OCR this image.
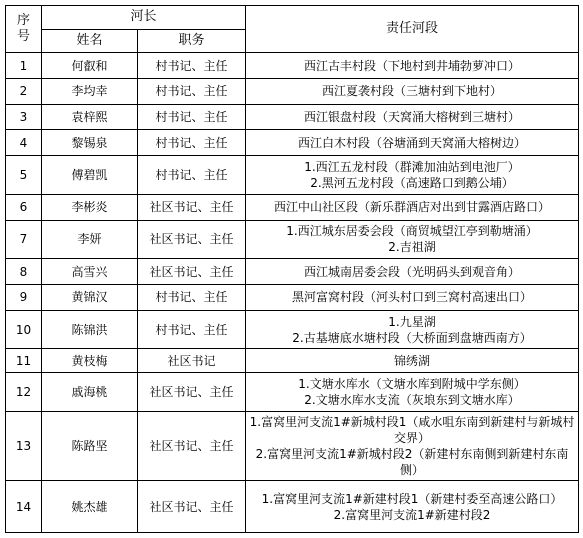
序
号	河长		责任河段
	姓名	职务	
1	何叡和	村书记、主任	西江古丰村段（下地村到井埔勃萝冲口）

2	李均幸	村书记、主任	西江夏袭村段（三塘村到下地村）

3	袁梓熙	村书记、主任	西江银盘村段（天窝涌大榕树到三塘村）

4	黎锡泉	村书记、主任	西江白木村段（谷塘涌到天窝涌大榕树边）

5	傅碧凯	村书记、主任	1.西江五龙村段（群滩加油站到电池厂）
2.黑河五龙村段（高速路口到鹅公埔）

6	李彬炎	社区书记、主任	西江中山社区段（新乐群酒店对出到甘露酒店路口）

7	李妍	社区书记、主任	1.西江城东居委会段（商贸城望江亭到勒塘涌）
2.吉祖湖

8	高雪兴	社区书记、主任	西江城南居委会段（光明码头到观音角）

9	黄锦汉	村书记、主任	黑河富窝村段（河头村口到三窝村高速出口）

10	陈锦洪	村书记、主任	1.九星湖
2.古基塘底水塘村段（大桥面到盘塘西南方）

11	黄枝梅	社区书记	锦绣湖

12	戚海桃	社区书记、主任	1.文塘水库水（文塘水库到附城中学东侧）
2.文塘水库水支流（灰埌东到文塘水库）

13	陈路坚	社区书记、主任	1.富窝里河支流1#新城村段1（咸水咀东南到新建村与新城村交界）
2.富窝里河支流1#新城村段2（新建村东南侧到新建村东南侧）

14	姚杰雄	社区书记、主任	1.富窝里河支流1#新建村段1（新建村委至高速公路口）
2.富窝里河支流1#新建村段2
